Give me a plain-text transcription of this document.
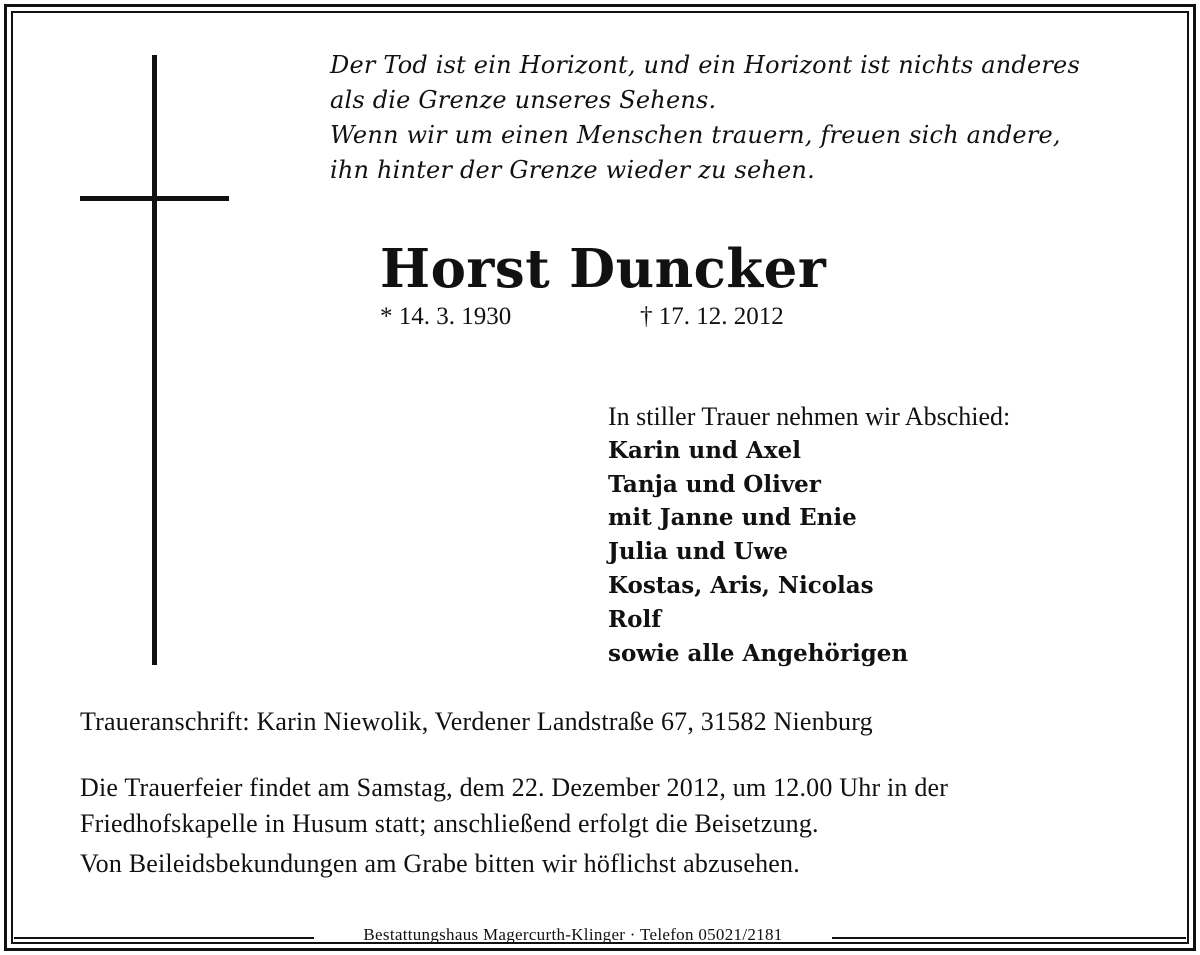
Der Tod ist ein Horizont, und ein Horizont ist nichts anderes
als die Grenze unseres Sehens.
Wenn wir um einen Menschen trauern, freuen sich andere,
ihn hinter der Grenze wieder zu sehen.

Horst Duncker
* 14. 3. 1930	† 17. 12. 2012
In stiller Trauer nehmen wir Abschied:
Karin und Axel
Tanja und Oliver
mit Janne und Enie
Julia und Uwe
Kostas, Aris, Nicolas
Rolf
sowie alle Angehörigen
Traueranschrift: Karin Niewolik, Verdener Landstraße 67, 31582 Nienburg
Die Trauerfeier findet am Samstag, dem 22. Dezember 2012, um 12.00 Uhr in der
Friedhofskapelle in Husum statt; anschließend erfolgt die Beisetzung.
Von Beileidsbekundungen am Grabe bitten wir höflichst abzusehen.
Bestattungshaus Magercurth-Klinger · Telefon 05021/2181
